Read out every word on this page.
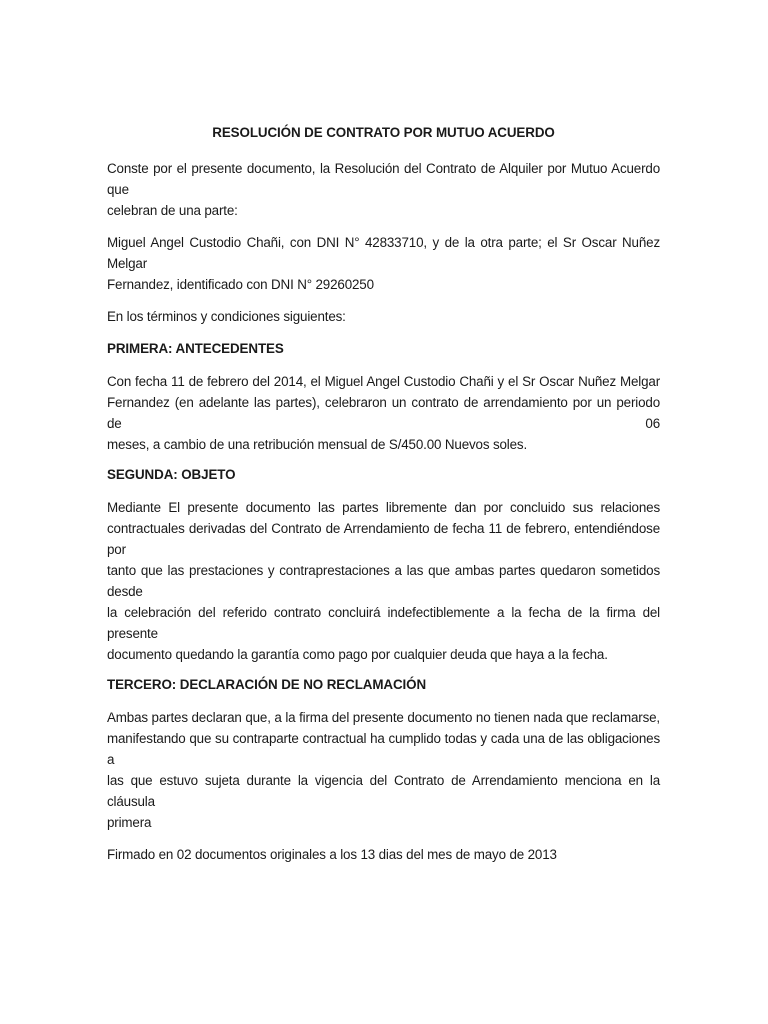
RESOLUCIÓN DE CONTRATO POR MUTUO ACUERDO
Conste por el presente documento, la Resolución del Contrato de Alquiler por Mutuo Acuerdo que
celebran de una parte:
Miguel Angel Custodio Chañi, con DNI N° 42833710, y de la otra parte; el Sr Oscar Nuñez Melgar
Fernandez, identificado con DNI N° 29260250
En los términos y condiciones siguientes:
PRIMERA: ANTECEDENTES
Con fecha 11 de febrero del 2014, el Miguel Angel Custodio Chañi y el Sr Oscar Nuñez Melgar
Fernandez (en adelante las partes), celebraron un contrato de arrendamiento por un periodo de 06
meses, a cambio de una retribución mensual de S/450.00 Nuevos soles.
SEGUNDA: OBJETO
Mediante El presente documento las partes libremente dan por concluido sus relaciones
contractuales derivadas del Contrato de Arrendamiento de fecha 11 de febrero, entendiéndose por
tanto que las prestaciones y contraprestaciones a las que ambas partes quedaron sometidos desde
la celebración del referido contrato concluirá indefectiblemente a la fecha de la firma del presente
documento quedando la garantía como pago por cualquier deuda que haya a la fecha.
TERCERO: DECLARACIÓN DE NO RECLAMACIÓN
Ambas partes declaran que, a la firma del presente documento no tienen nada que reclamarse,
manifestando que su contraparte contractual ha cumplido todas y cada una de las obligaciones a
las que estuvo sujeta durante la vigencia del Contrato de Arrendamiento menciona en la cláusula
primera
Firmado en 02 documentos originales a los 13 dias del mes de mayo de 2013
